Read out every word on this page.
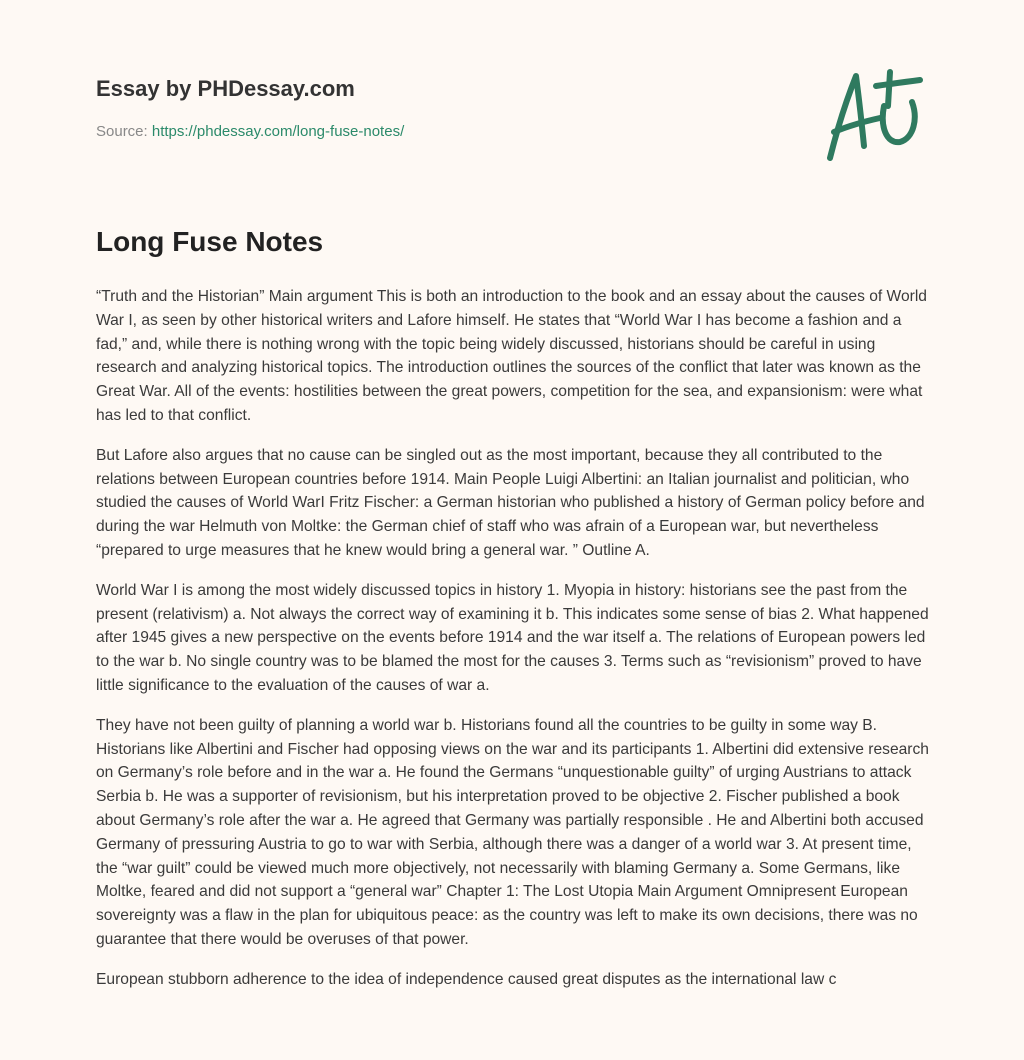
Essay by PHDessay.com

Source: https://phdessay.com/long-fuse-notes/
Long Fuse Notes

“Truth and the Historian” Main argument This is both an introduction to the book and an essay about the causes of World War I, as seen by other historical writers and Lafore himself. He states that “World War I has become a fashion and a fad,” and, while there is nothing wrong with the topic being widely discussed, historians should be careful in using research and analyzing historical topics. The introduction outlines the sources of the conflict that later was known as the Great War. All of the events: hostilities between the great powers, competition for the sea, and expansionism: were what has led to that conflict.

But Lafore also argues that no cause can be singled out as the most important, because they all contributed to the relations between European countries before 1914. Main People Luigi Albertini: an Italian journalist and politician, who studied the causes of World WarI Fritz Fischer: a German historian who published a history of German policy before and during the war Helmuth von Moltke: the German chief of staff who was afrain of a European war, but nevertheless “prepared to urge measures that he knew would bring a general war. ” Outline A.

World War I is among the most widely discussed topics in history 1. Myopia in history: historians see the past from the present (relativism) a. Not always the correct way of examining it b. This indicates some sense of bias 2. What happened after 1945 gives a new perspective on the events before 1914 and the war itself a. The relations of European powers led to the war b. No single country was to be blamed the most for the causes 3. Terms such as “revisionism” proved to have little significance to the evaluation of the causes of war a.

They have not been guilty of planning a world war b. Historians found all the countries to be guilty in some way B. Historians like Albertini and Fischer had opposing views on the war and its participants 1. Albertini did extensive research on Germany’s role before and in the war a. He found the Germans “unquestionable guilty” of urging Austrians to attack Serbia b. He was a supporter of revisionism, but his interpretation proved to be objective 2. Fischer published a book about Germany’s role after the war a. He agreed that Germany was partially responsible . He and Albertini both accused Germany of pressuring Austria to go to war with Serbia, although there was a danger of a world war 3. At present time, the “war guilt” could be viewed much more objectively, not necessarily with blaming Germany a. Some Germans, like Moltke, feared and did not support a “general war” Chapter 1: The Lost Utopia Main Argument Omnipresent European sovereignty was a flaw in the plan for ubiquitous peace: as the country was left to make its own decisions, there was no guarantee that there would be overuses of that power.

European stubborn adherence to the idea of independence caused great disputes as the international law c
